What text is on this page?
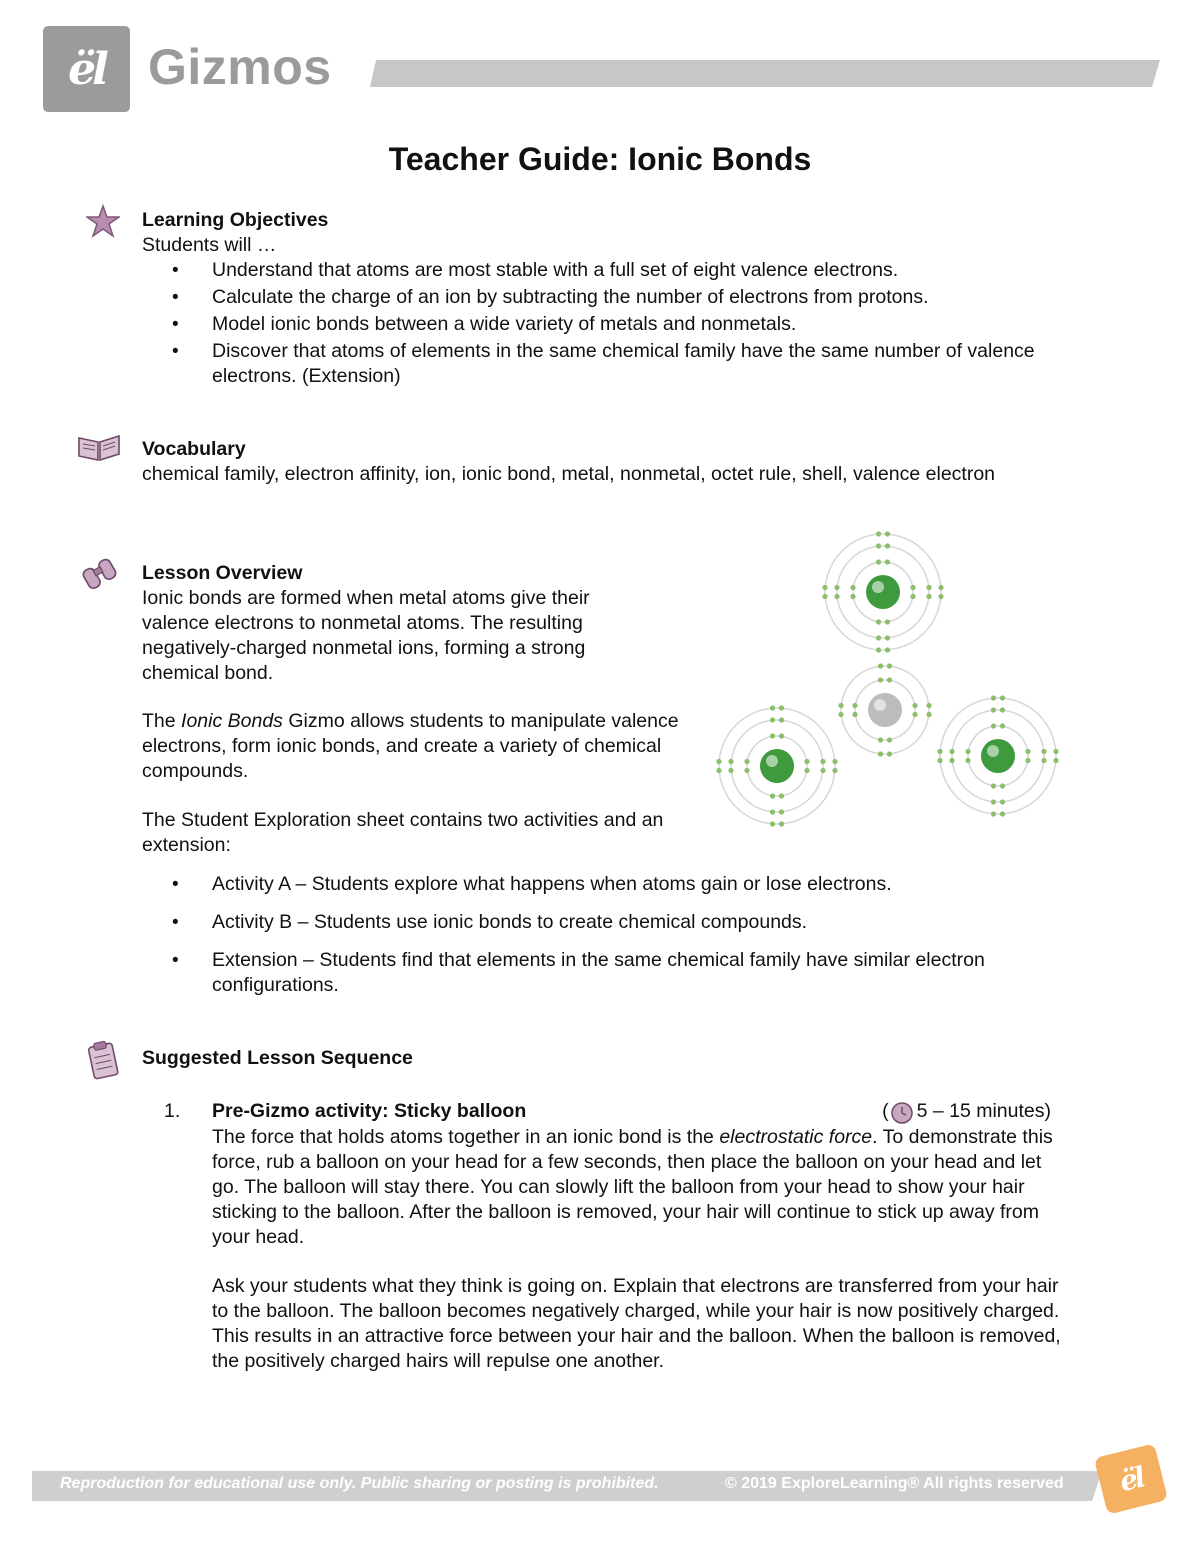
ël Gizmos
Teacher Guide: Ionic Bonds
Learning Objectives
Students will …
• Understand that atoms are most stable with a full set of eight valence electrons.
• Calculate the charge of an ion by subtracting the number of electrons from protons.
• Model ionic bonds between a wide variety of metals and nonmetals.
• Discover that atoms of elements in the same chemical family have the same number of valence electrons. (Extension)
Vocabulary
chemical family, electron affinity, ion, ionic bond, metal, nonmetal, octet rule, shell, valence electron
Lesson Overview
Ionic bonds are formed when metal atoms give their valence electrons to nonmetal atoms. The resulting negatively-charged nonmetal ions, forming a strong chemical bond.
The Ionic Bonds Gizmo allows students to manipulate valence electrons, form ionic bonds, and create a variety of chemical compounds.
The Student Exploration sheet contains two activities and an extension:
• Activity A – Students explore what happens when atoms gain or lose electrons.
• Activity B – Students use ionic bonds to create chemical compounds.
• Extension – Students find that elements in the same chemical family have similar electron configurations.
Suggested Lesson Sequence
1. Pre-Gizmo activity: Sticky balloon	( 5 – 15 minutes)
The force that holds atoms together in an ionic bond is the electrostatic force. To demonstrate this force, rub a balloon on your head for a few seconds, then place the balloon on your head and let go. The balloon will stay there. You can slowly lift the balloon from your head to show your hair sticking to the balloon. After the balloon is removed, your hair will continue to stick up away from your head.
Ask your students what they think is going on. Explain that electrons are transferred from your hair to the balloon. The balloon becomes negatively charged, while your hair is now positively charged. This results in an attractive force between your hair and the balloon. When the balloon is removed, the positively charged hairs will repulse one another.
Reproduction for educational use only. Public sharing or posting is prohibited.	© 2019 ExploreLearning® All rights reserved ël
